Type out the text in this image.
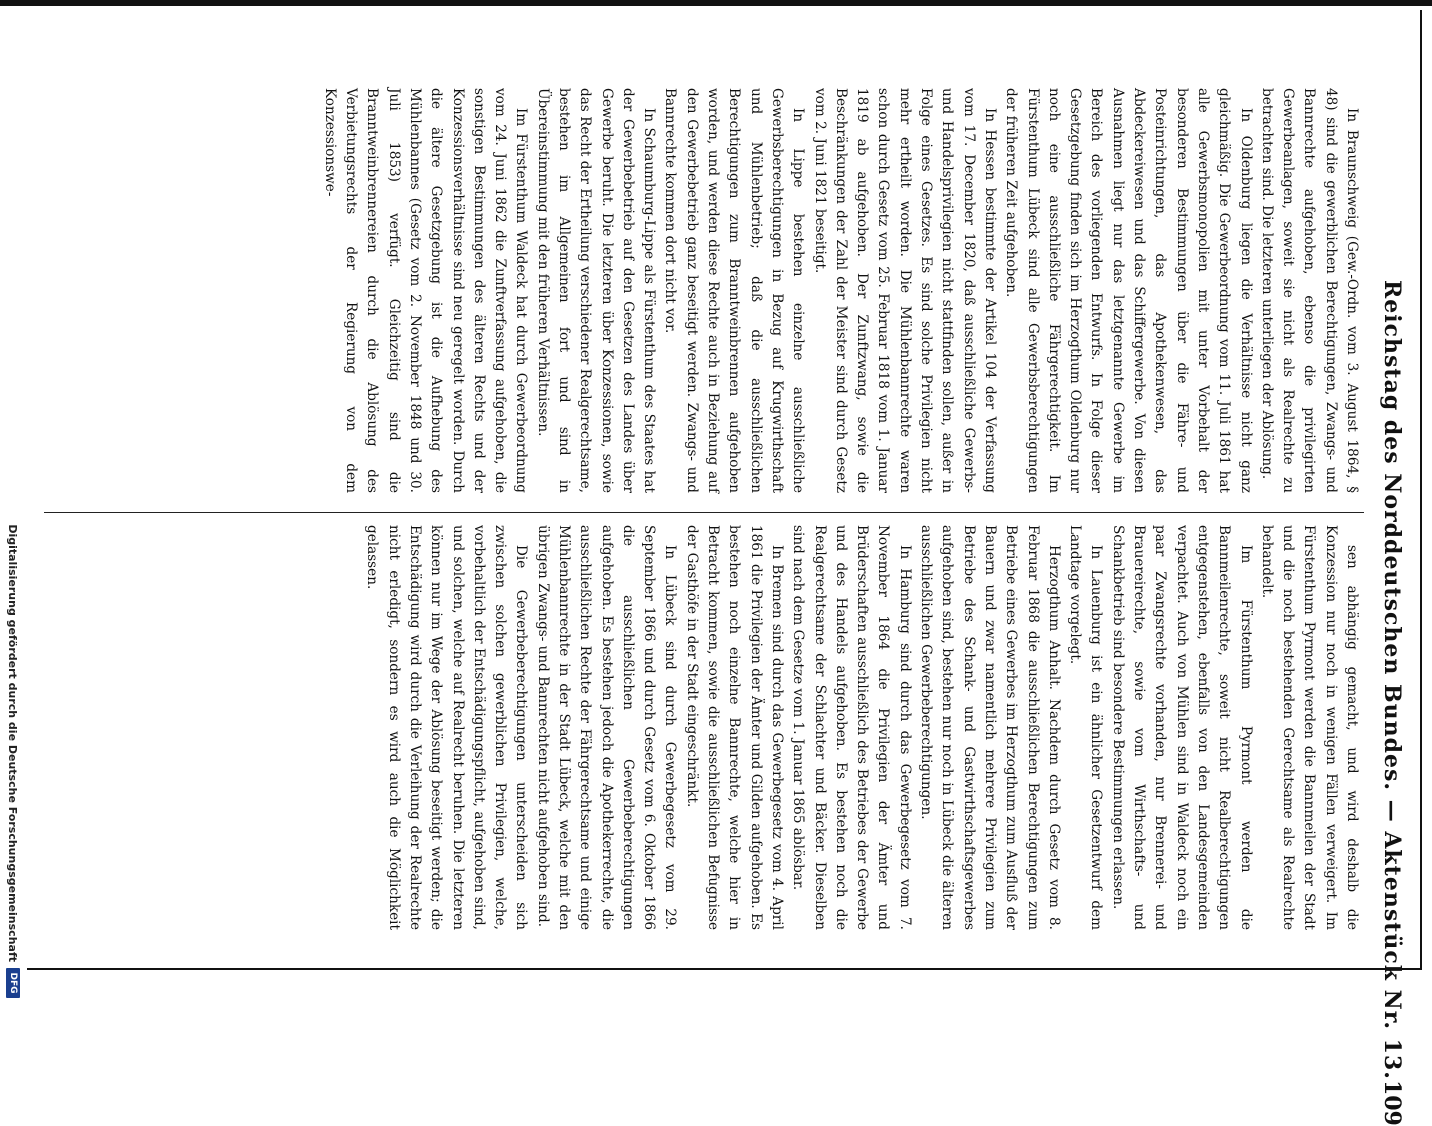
Reichstag des Norddeutschen Bundes. — Aktenstück Nr. 13.
109

In Braunschweig (Gew.-Ordn. vom 3. August 1864, § 48) sind die gewerblichen Berechtigungen, Zwangs- und Bannrechte aufgehoben, ebenso die privilegirten Gewerbeanlagen, soweit sie nicht als Realrechte zu betrachten sind. Die letzteren unterliegen der Ablösung.

In Oldenburg liegen die Verhältnisse nicht ganz gleichmäßig. Die Gewerbeordnung vom 11. Juli 1861 hat alle Gewerbsmonopolien mit unter Vorbehalt der besonderen Bestimmungen über die Fähre- und Posteinrichtungen, das Apothekenwesen, das Abdeckereiwesen und das Schiffergewerbe. Von diesen Ausnahmen liegt nur das letztgenannte Gewerbe im Bereich des vorliegenden Entwurfs. In Folge dieser Gesetzgebung finden sich im Herzogthum Oldenburg nur noch eine ausschließliche Fährgerechtigkeit. Im Fürstenthum Lübeck sind alle Gewerbsberechtigungen der früheren Zeit aufgehoben.

In Hessen bestimmte der Artikel 104 der Verfassung vom 17. December 1820, daß ausschließliche Gewerbs- und Handelsprivilegien nicht stattfinden sollen, außer in Folge eines Gesetzes. Es sind solche Privilegien nicht mehr ertheilt worden. Die Mühlenbannrechte waren schon durch Gesetz vom 25. Februar 1818 vom 1. Januar 1819 ab aufgehoben. Der Zunftzwang, sowie die Beschränkungen der Zahl der Meister sind durch Gesetz vom 2. Juni 1821 beseitigt.

In Lippe bestehen einzelne ausschließliche Gewerbsberechtigungen in Bezug auf Krugwirthschaft und Mühlenbetrieb; daß die ausschließlichen Berechtigungen zum Branntweinbrennen aufgehoben worden, und werden diese Rechte auch in Beziehung auf den Gewerbebetrieb ganz beseitigt werden. Zwangs- und Bannrechte kommen dort nicht vor.

In Schaumburg-Lippe als Fürstenthum des Staates hat der Gewerbebetrieb auf den Gesetzen des Landes über Gewerbe beruht. Die letzteren über Konzessionen, sowie das Recht der Ertheilung verschiedener Realgerechtsame, bestehen im Allgemeinen fort und sind in Übereinstimmung mit den früheren Verhältnissen.

Im Fürstenthum Waldeck hat durch Gewerbeordnung vom 24. Juni 1862 die Zunftverfassung aufgehoben, die sonstigen Bestimmungen des älteren Rechts und der Konzessionsverhältnisse sind neu geregelt worden. Durch die ältere Gesetzgebung ist die Aufhebung des Mühlenbannes (Gesetz vom 2. November 1848 und 30. Juli 1853) verfügt. Gleichzeitig sind die Branntweinbrennereien durch die Ablösung des Verbietungsrechts der Regierung von dem Konzessionswe-

sen abhängig gemacht, und wird deshalb die Konzession nur noch in wenigen Fällen verweigert. Im Fürstenthum Pyrmont werden die Bannmeilen der Stadt und die noch bestehenden Gerechtsame als Realrechte behandelt.

Im Fürstenthum Pyrmont werden die Bannmeilenrechte, soweit nicht Realberechtigungen entgegenstehen, ebenfalls von den Landesgemeinden verpachtet. Auch von Mühlen sind in Waldeck noch ein paar Zwangsrechte vorhanden, nur Brennerei- und Brauereirechte, sowie vom Wirthschafts- und Schankbetrieb sind besondere Bestimmungen erlassen.

In Lauenburg ist ein ähnlicher Gesetzentwurf dem Landtage vorgelegt.

Herzogthum Anhalt. Nachdem durch Gesetz vom 8. Februar 1868 die ausschließlichen Berechtigungen zum Betriebe eines Gewerbes im Herzogthum zum Ausfluß der Bauern und zwar namentlich mehrere Privilegien zum Betriebe des Schank- und Gastwirthschaftsgewerbes aufgehoben sind, bestehen nur noch in Lübeck die älteren ausschließlichen Gewerbeberechtigungen.

In Hamburg sind durch das Gewerbegesetz vom 7. November 1864 die Privilegien der Ämter und Brüderschaften ausschließlich des Betriebes der Gewerbe und des Handels aufgehoben. Es bestehen noch die Realgerechtsame der Schlachter und Bäcker. Dieselben sind nach dem Gesetze vom 1. Januar 1865 ablösbar.

In Bremen sind durch das Gewerbegesetz vom 4. April 1861 die Privilegien der Ämter und Gilden aufgehoben. Es bestehen noch einzelne Bannrechte, welche hier in Betracht kommen, sowie die ausschließlichen Befugnisse der Gasthöfe in der Stadt eingeschränkt.

In Lübeck sind durch Gewerbegesetz vom 29. September 1866 und durch Gesetz vom 6. Oktober 1866 die ausschließlichen Gewerbeberechtigungen aufgehoben. Es bestehen jedoch die Apothekerrechte, die ausschließlichen Rechte der Fährgerechtsame und einige Mühlenbannrechte in der Stadt Lübeck, welche mit den übrigen Zwangs- und Bannrechten nicht aufgehoben sind.

Die Gewerbeberechtigungen unterscheiden sich zwischen solchen gewerblichen Privilegien, welche, vorbehaltlich der Entschädigungspflicht, aufgehoben sind, und solchen, welche auf Realrecht beruhen. Die letzteren können nur im Wege der Ablösung beseitigt werden; die Entschädigung wird durch die Verleihung der Realrechte nicht erledigt, sondern es wird auch die Möglichkeit gelassen.

Digitalisierung gefördert durch die Deutsche Forschungsgemeinschaft
DFG
